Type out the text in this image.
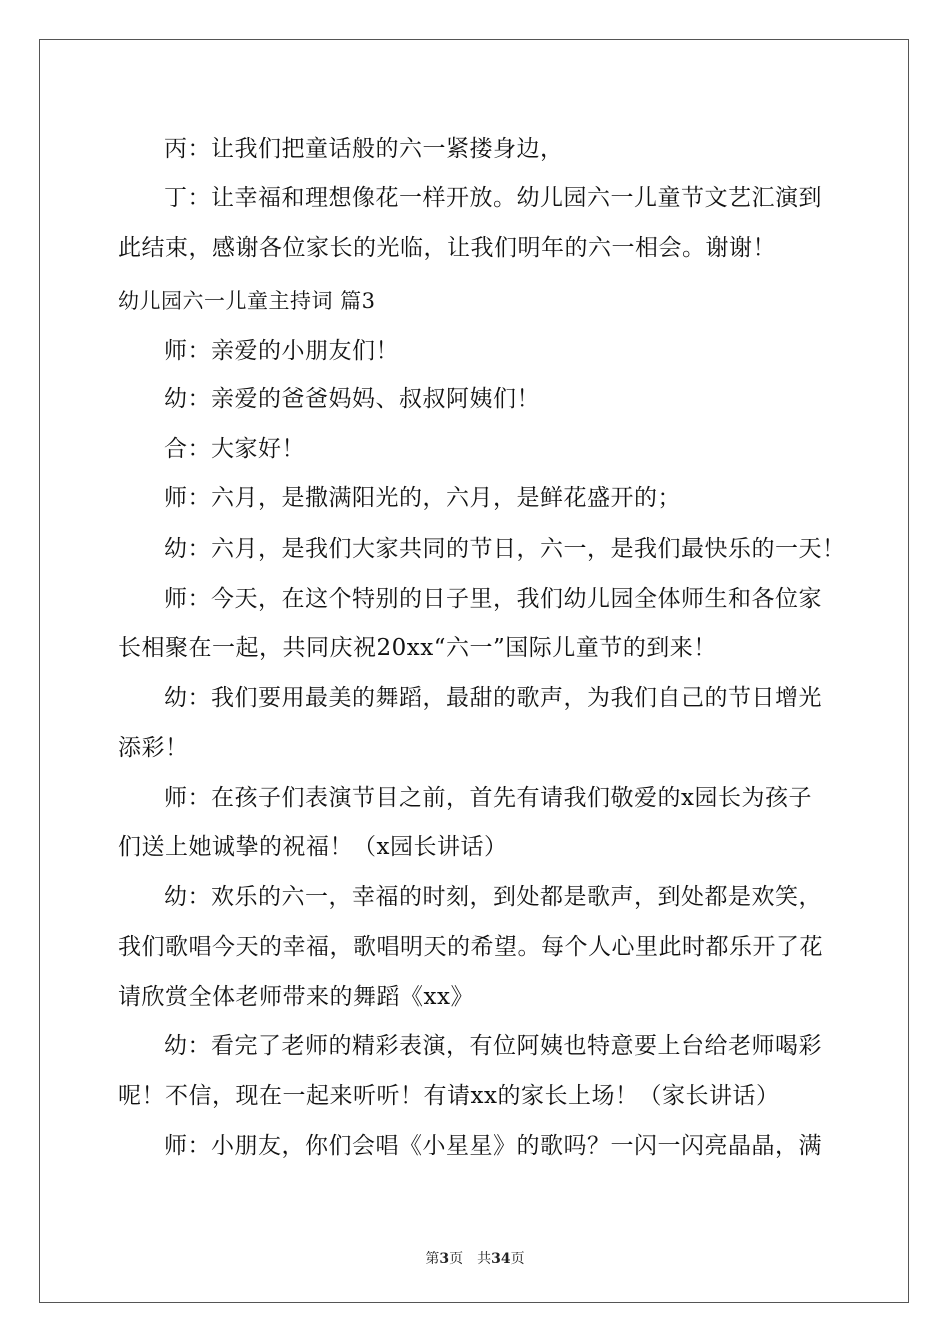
丙：让我们把童话般的六一紧搂身边，
丁：让幸福和理想像花一样开放。幼儿园六一儿童节文艺汇演到
此结束，感谢各位家长的光临，让我们明年的六一相会。谢谢！
幼儿园六一儿童主持词 篇3
师：亲爱的小朋友们！
幼：亲爱的爸爸妈妈、叔叔阿姨们！
合：大家好！
师：六月，是撒满阳光的，六月，是鲜花盛开的；
幼：六月，是我们大家共同的节日，六一，是我们最快乐的一天！
师：今天，在这个特别的日子里，我们幼儿园全体师生和各位家
长相聚在一起，共同庆祝20xx“六一”国际儿童节的到来！
幼：我们要用最美的舞蹈，最甜的歌声，为我们自己的节日增光
添彩！
师：在孩子们表演节目之前，首先有请我们敬爱的x园长为孩子
们送上她诚挚的祝福！（x园长讲话）
幼：欢乐的六一，幸福的时刻，到处都是歌声，到处都是欢笑，
我们歌唱今天的幸福，歌唱明天的希望。每个人心里此时都乐开了花
请欣赏全体老师带来的舞蹈《xx》
幼：看完了老师的精彩表演，有位阿姨也特意要上台给老师喝彩
呢！不信，现在一起来听听！有请xx的家长上场！（家长讲话）
师：小朋友，你们会唱《小星星》的歌吗？一闪一闪亮晶晶，满
第3页 共34页
